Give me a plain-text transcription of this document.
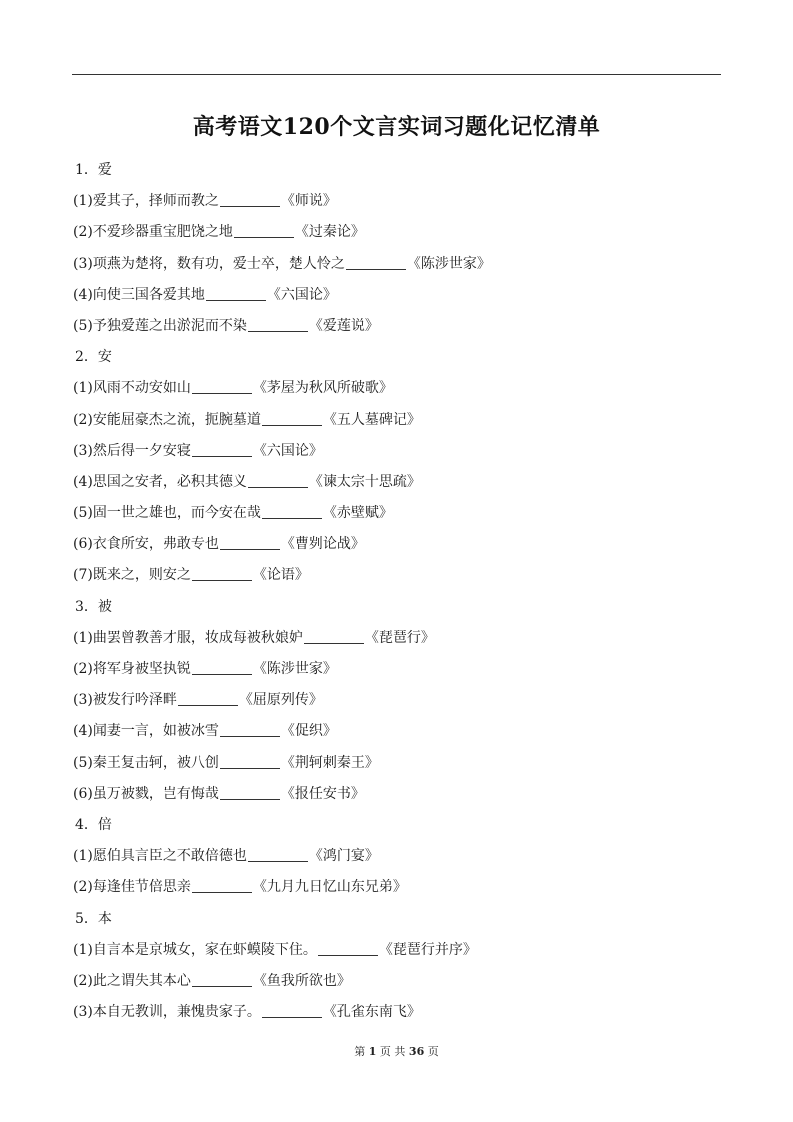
高考语文120个文言实词习题化记忆清单
1．爱
(1)爱其子，择师而教之	《师说》
(2)不爱珍器重宝肥饶之地	《过秦论》
(3)项燕为楚将，数有功，爱士卒，楚人怜之	《陈涉世家》
(4)向使三国各爱其地	《六国论》
(5)予独爱莲之出淤泥而不染	《爱莲说》
2．安
(1)风雨不动安如山	《茅屋为秋风所破歌》
(2)安能屈豪杰之流，扼腕墓道	《五人墓碑记》
(3)然后得一夕安寝	《六国论》
(4)思国之安者，必积其德义	《谏太宗十思疏》
(5)固一世之雄也，而今安在哉	《赤壁赋》
(6)衣食所安，弗敢专也	《曹刿论战》
(7)既来之，则安之	《论语》
3．被
(1)曲罢曾教善才服，妆成每被秋娘妒	《琵琶行》
(2)将军身被坚执锐	《陈涉世家》
(3)被发行吟泽畔	《屈原列传》
(4)闻妻一言，如被冰雪	《促织》
(5)秦王复击轲，被八创	《荆轲刺秦王》
(6)虽万被戮，岂有悔哉	《报任安书》
4．倍
(1)愿伯具言臣之不敢倍德也	《鸿门宴》
(2)每逢佳节倍思亲	《九月九日忆山东兄弟》
5．本
(1)自言本是京城女，家在虾蟆陵下住。	《琵琶行并序》
(2)此之谓失其本心	《鱼我所欲也》
(3)本自无教训，兼愧贵家子。	《孔雀东南飞》
第 1 页 共 36 页
